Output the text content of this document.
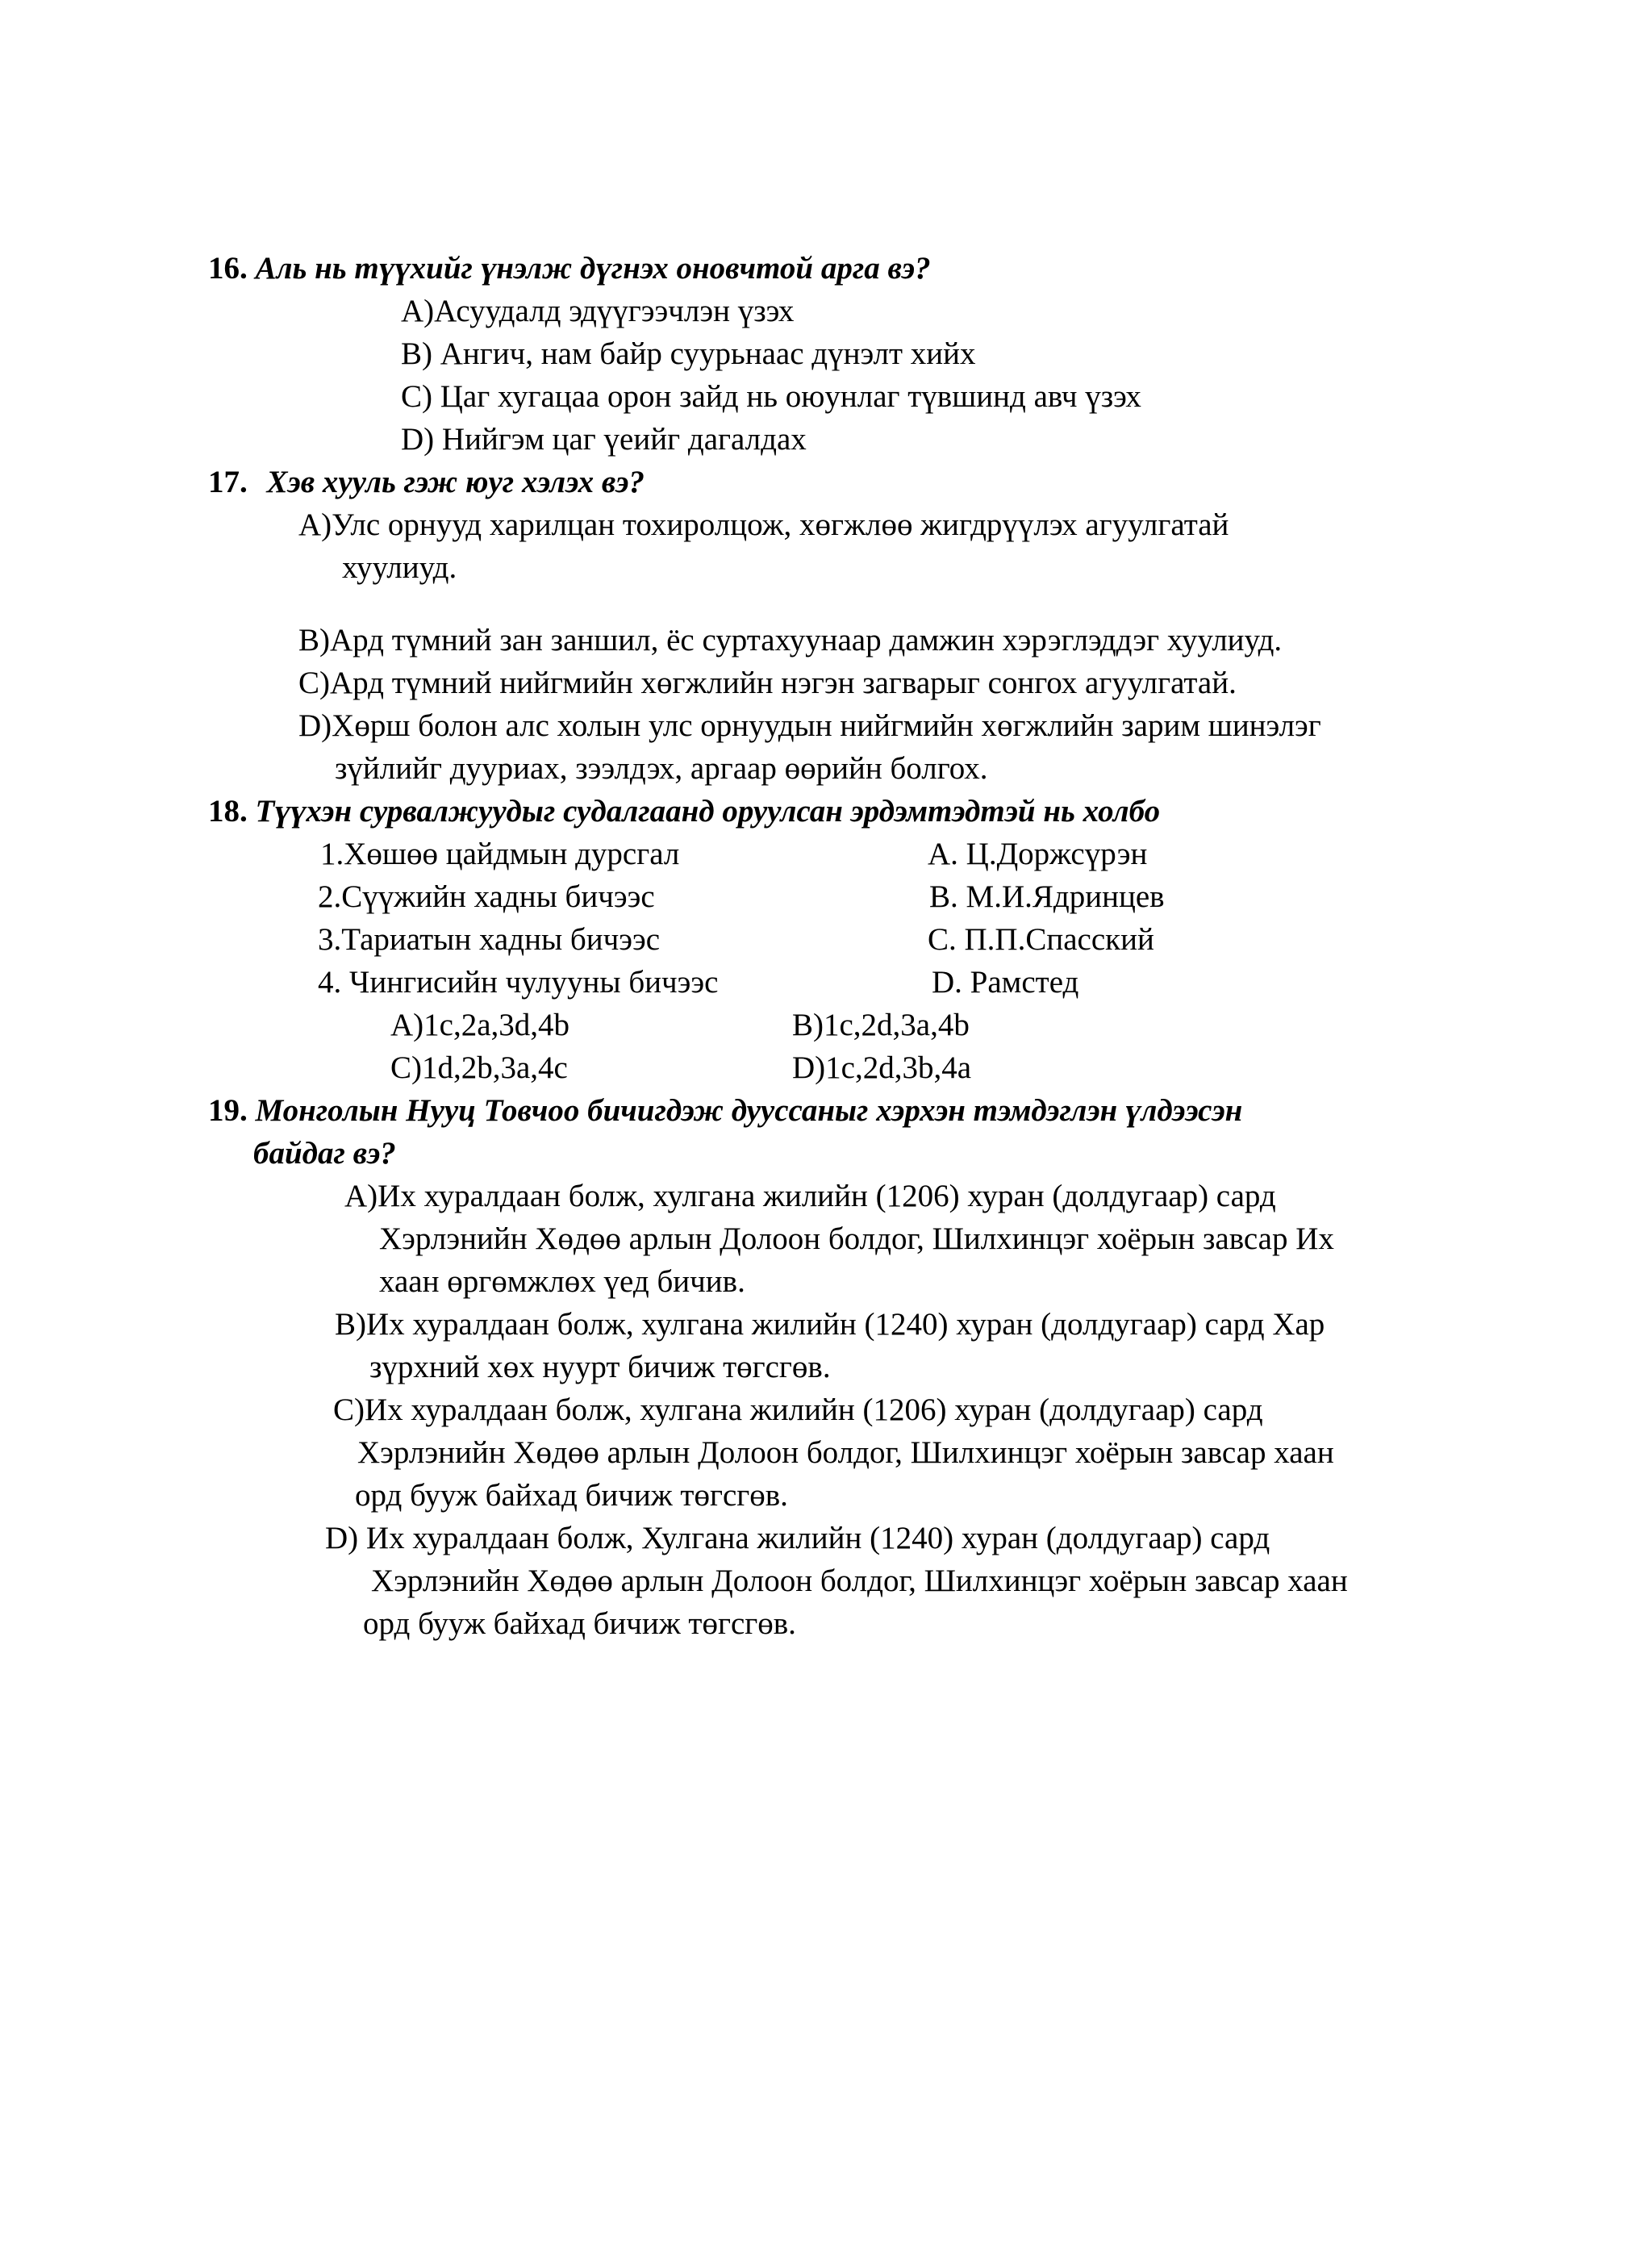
16. Аль нь түүхийг үнэлж дүгнэх оновчтой арга вэ?
A)Асуудалд эдүүгээчлэн үзэх
B) Ангич, нам байр суурьнаас дүнэлт хийх
C) Цаг хугацаа орон зайд нь оюунлаг түвшинд авч үзэх
D) Нийгэм цаг үеийг дагалдах
17. Хэв хууль гэж юуг хэлэх вэ?
A)Улс орнууд харилцан тохиролцож, хөгжлөө жигдрүүлэх агуулгатай
хуулиуд.
B)Ард түмний зан заншил, ёс суртахуунаар дамжин хэрэглэддэг хуулиуд.
C)Ард түмний нийгмийн хөгжлийн нэгэн загварыг сонгох агуулгатай.
D)Хөрш болон алс холын улс орнуудын нийгмийн хөгжлийн зарим шинэлэг
зүйлийг дууриах, зээлдэх, аргаар өөрийн болгох.
18. Түүхэн сурвалжуудыг судалгаанд оруулсан эрдэмтэдтэй нь холбо
1.Хөшөө цайдмын дурсгал	A. Ц.Доржсүрэн
2.Сүүжийн хадны бичээс	B. М.И.Ядринцев
3.Тариатын хадны бичээс	C. П.П.Спасский
4. Чингисийн чулууны бичээс	D. Рамстед
A)1c,2a,3d,4b	B)1c,2d,3a,4b
C)1d,2b,3a,4c	D)1c,2d,3b,4a
19. Монголын Нууц Товчоо бичигдэж дууссаныг хэрхэн тэмдэглэн үлдээсэн
байдаг вэ?
A)Их хуралдаан болж, хулгана жилийн (1206) хуран (долдугаар) сард
Хэрлэнийн Хөдөө арлын Долоон болдог, Шилхинцэг хоёрын завсар Их
хаан өргөмжлөх үед бичив.
B)Их хуралдаан болж, хулгана жилийн (1240) хуран (долдугаар) сард Хар
зүрхний хөх нуурт бичиж төгсгөв.
C)Их хуралдаан болж, хулгана жилийн (1206) хуран (долдугаар) сард
Хэрлэнийн Хөдөө арлын Долоон болдог, Шилхинцэг хоёрын завсар хаан
орд бууж байхад бичиж төгсгөв.
D) Их хуралдаан болж, Хулгана жилийн (1240) хуран (долдугаар) сард
Хэрлэнийн Хөдөө арлын Долоон болдог, Шилхинцэг хоёрын завсар хаан
орд бууж байхад бичиж төгсгөв.
